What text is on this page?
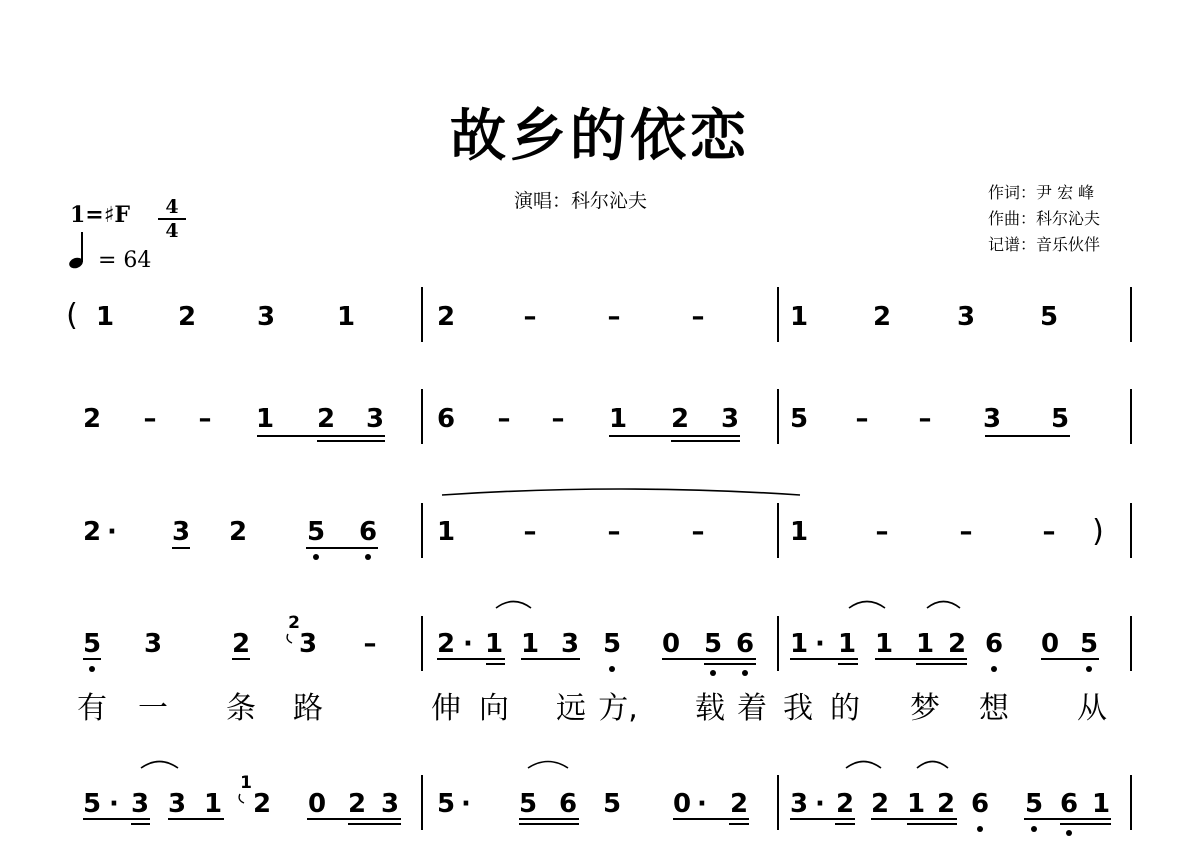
故乡的依恋
演唱：科尔沁夫	作词：尹 宏 峰
作曲：科尔沁夫
记谱：音乐伙伴
1=♯F	4
4
= 64
1 2 3 1	2	–	–	–	1 2	3 5
2 – – 1 2 3 6 – – 1 2 3 5 – – 3 5
2 · 3 2 5 6 1	–	–	–	1	–	–	–
5 3	2 3 – 2 · 1 1 3 5 0 5 6 1 · 1 1 1 2 6 0 5
5 · 3 3 1 2 0 2 3 5 · 5 6 5 0 · 2 3 · 2 2 1 2 6 5 6 1
(
)
2
1
有 一 条 路	伸 向 远 方, 载 着 我 的 梦 想 从
